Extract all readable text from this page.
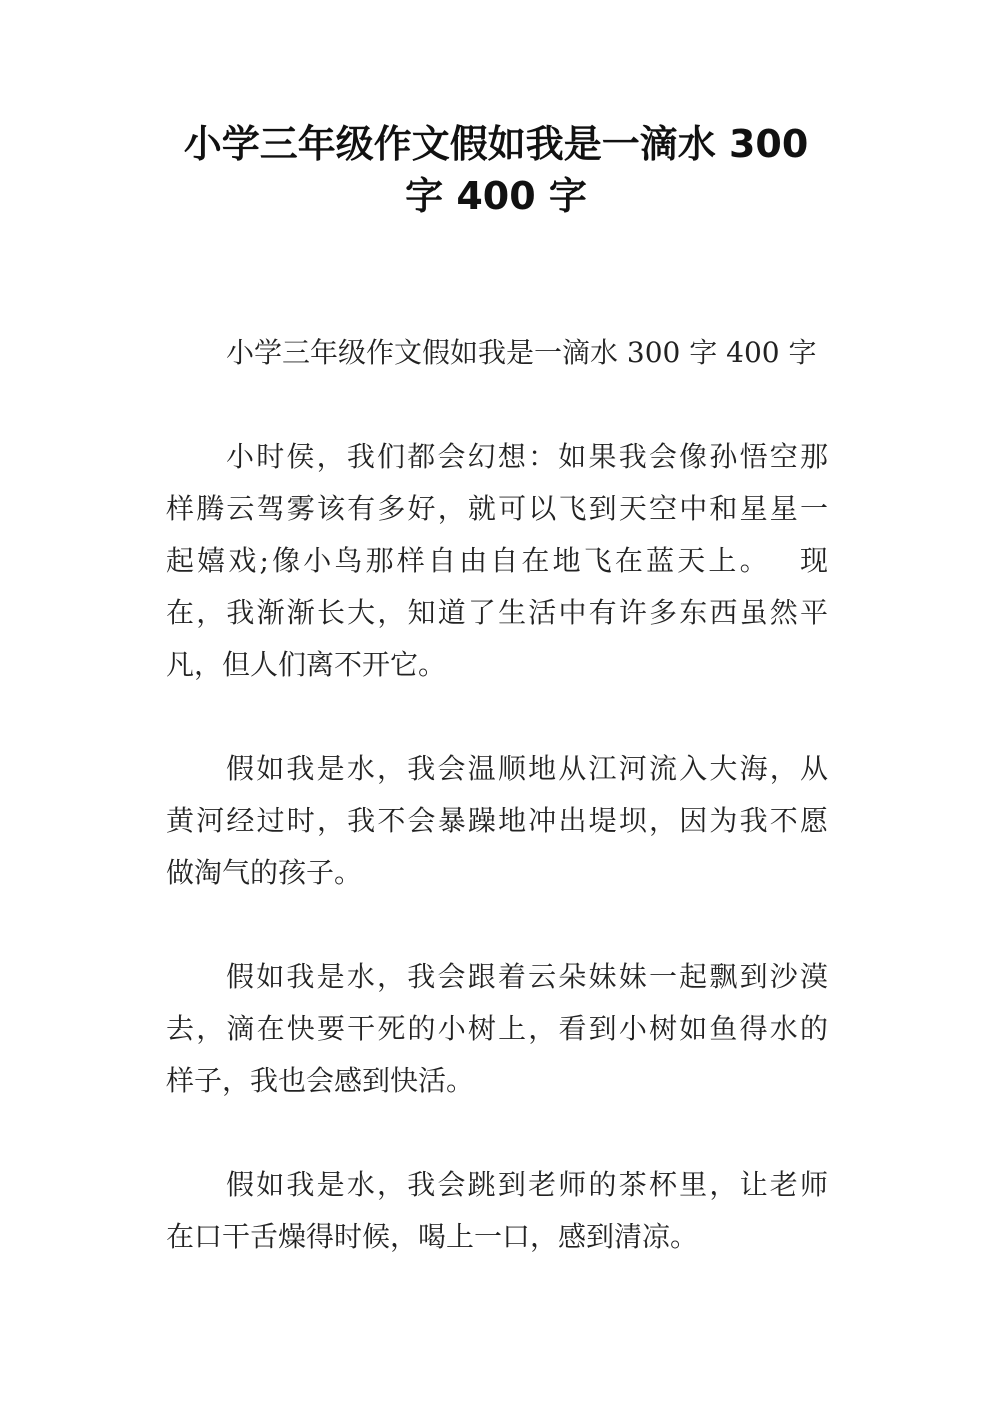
小学三年级作文假如我是一滴水 300
字 400 字
小学三年级作文假如我是一滴水 300 字 400 字
小时侯，我们都会幻想：如果我会像孙悟空那
样腾云驾雾该有多好，就可以飞到天空中和星星一
起嬉戏;像小鸟那样自由自在地飞在蓝天上。　 现
在，我渐渐长大，知道了生活中有许多东西虽然平
凡，但人们离不开它。
假如我是水，我会温顺地从江河流入大海，从
黄河经过时，我不会暴躁地冲出堤坝，因为我不愿
做淘气的孩子。
假如我是水，我会跟着云朵妹妹一起飘到沙漠
去，滴在快要干死的小树上，看到小树如鱼得水的
样子，我也会感到快活。
假如我是水，我会跳到老师的茶杯里，让老师
在口干舌燥得时候，喝上一口，感到清凉。
